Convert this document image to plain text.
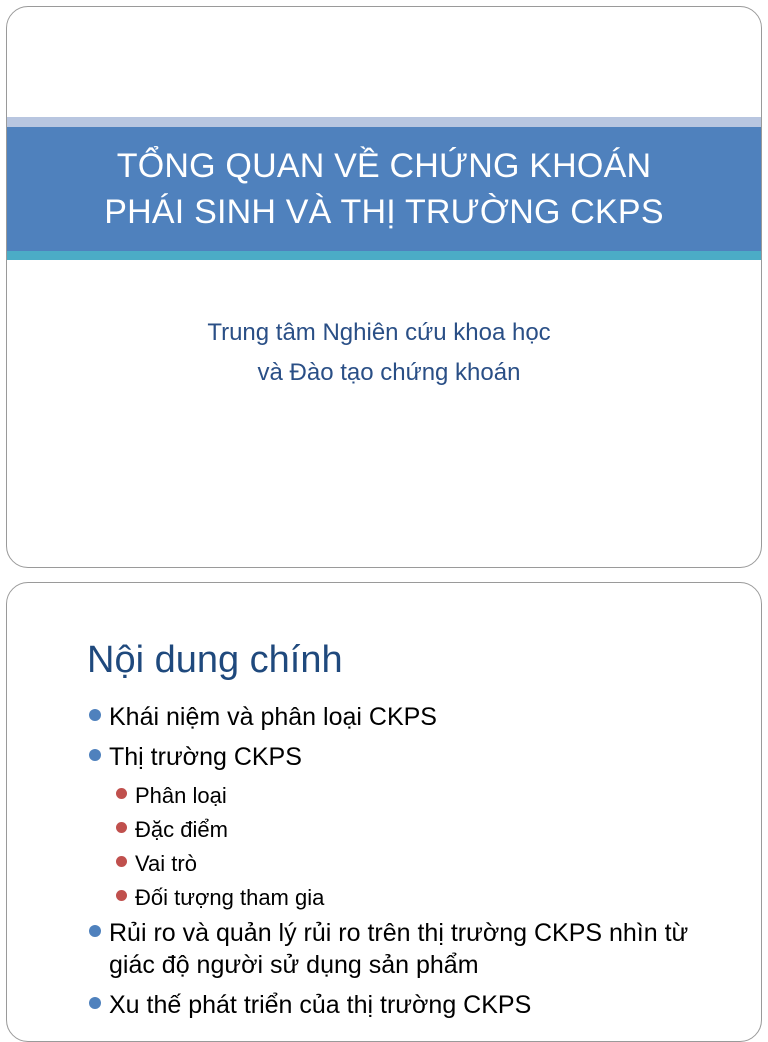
TỔNG QUAN VỀ CHỨNG KHOÁN
PHÁI SINH VÀ THỊ TRƯỜNG CKPS
Trung tâm Nghiên cứu khoa học
và Đào tạo chứng khoán
Nội dung chính
Khái niệm và phân loại CKPS
Thị trường CKPS
Phân loại
Đặc điểm
Vai trò
Đối tượng tham gia
Rủi ro và quản lý rủi ro trên thị trường CKPS nhìn từ giác độ người sử dụng sản phẩm
Xu thế phát triển của thị trường CKPS
